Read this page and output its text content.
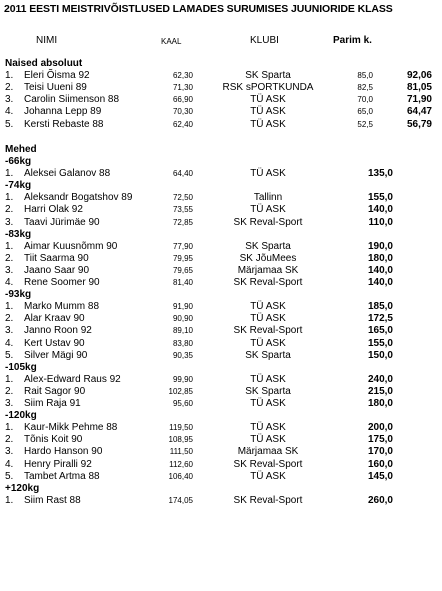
2011 EESTI MEISTRIVÕISTLUSED LAMADES SURUMISES JUUNIORIDE KLASS
NIMI	KAAL	KLUBI	Parim k.
Naised absoluut
1. Eleri Õisma 92	62,30	SK Sparta	85,0	92,06
2. Teisi Uueni 89	71,30	RSK sPORTKUNDA	82,5	81,05
3. Carolin Siimenson 88	66,90	TÜ ASK	70,0	71,90
4. Johanna Lepp 89	70,30	TÜ ASK	65,0	64,47
5. Kersti Rebaste 88	62,40	TÜ ASK	52,5	56,79
Mehed
-66kg
1. Aleksei Galanov 88	64,40	TÜ ASK	135,0
-74kg
1. Aleksandr Bogatshov 89	72,50	Tallinn	155,0
2. Harri Olak 92	73,55	TÜ ASK	140,0
3. Taavi Jürimäe 90	72,85	SK Reval-Sport	110,0
-83kg
1. Aimar Kuusnõmm 90	77,90	SK Sparta	190,0
2. Tiit Saarma 90	79,95	SK JõuMees	180,0
3. Jaano Saar 90	79,65	Märjamaa SK	140,0
4. Rene Soomer 90	81,40	SK Reval-Sport	140,0
-93kg
1. Marko Mumm 88	91,90	TÜ ASK	185,0
2. Alar Kraav 90	90,90	TÜ ASK	172,5
3. Janno Roon 92	89,10	SK Reval-Sport	165,0
4. Kert Ustav 90	83,80	TÜ ASK	155,0
5. Silver Mägi 90	90,35	SK Sparta	150,0
-105kg
1. Alex-Edward Raus 92	99,90	TÜ ASK	240,0
2. Rait Sagor 90	102,85	SK Sparta	215,0
3. Siim Raja 91	95,60	TÜ ASK	180,0
-120kg
1. Kaur-Mikk Pehme 88	119,50	TÜ ASK	200,0
2. Tõnis Koit 90	108,95	TÜ ASK	175,0
3. Hardo Hanson 90	111,50	Märjamaa SK	170,0
4. Henry Piralli 92	112,60	SK Reval-Sport	160,0
5. Tambet Artma 88	106,40	TÜ ASK	145,0
+120kg
1. Siim Rast 88	174,05	SK Reval-Sport	260,0
